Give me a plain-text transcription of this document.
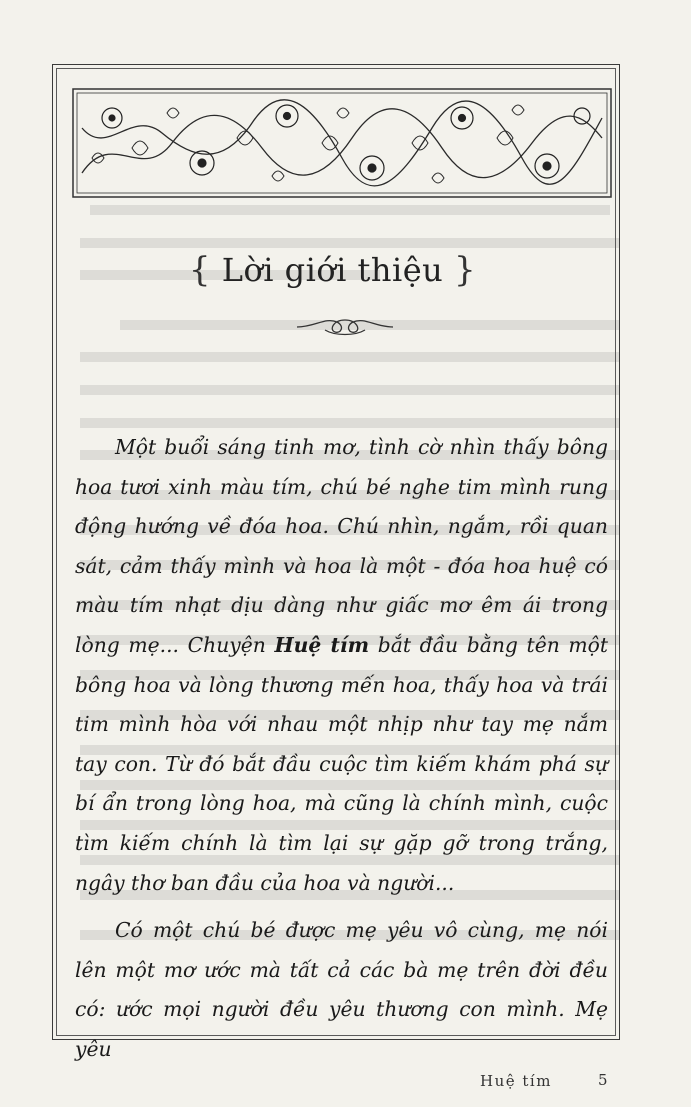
{ Lời giới thiệu }

Một buổi sáng tinh mơ, tình cờ nhìn thấy bông hoa tươi xinh màu tím, chú bé nghe tim mình rung động hướng về đóa hoa. Chú nhìn, ngắm, rồi quan sát, cảm thấy mình và hoa là một - đóa hoa huệ có màu tím nhạt dịu dàng như giấc mơ êm ái trong lòng mẹ... Chuyện Huệ tím bắt đầu bằng tên một bông hoa và lòng thương mến hoa, thấy hoa và trái tim mình hòa với nhau một nhịp như tay mẹ nắm tay con. Từ đó bắt đầu cuộc tìm kiếm khám phá sự bí ẩn trong lòng hoa, mà cũng là chính mình, cuộc tìm kiếm chính là tìm lại sự gặp gỡ trong trắng, ngây thơ ban đầu của hoa và người...

Có một chú bé được mẹ yêu vô cùng, mẹ nói lên một mơ ước mà tất cả các bà mẹ trên đời đều có: ước mọi người đều yêu thương con mình. Mẹ yêu

Huệ tím	5
